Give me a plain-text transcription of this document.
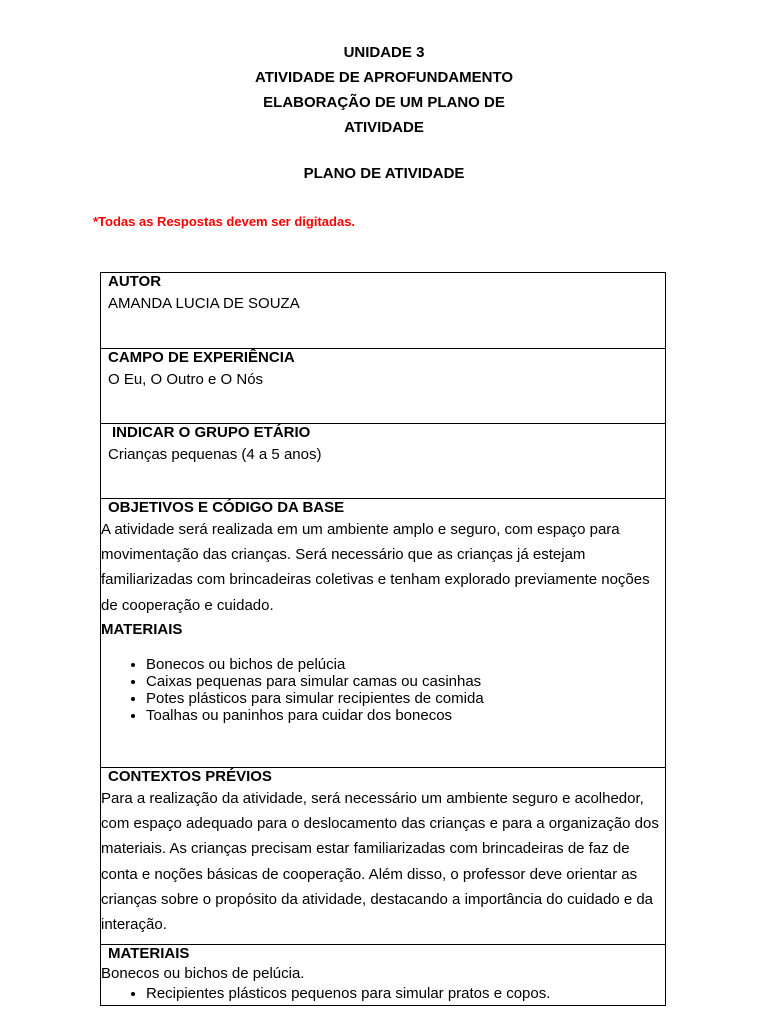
UNIDADE 3
ATIVIDADE DE APROFUNDAMENTO
ELABORAÇÃO DE UM PLANO DE
ATIVIDADE
PLANO DE ATIVIDADE
*Todas as Respostas devem ser digitadas.
AUTOR
AMANDA LUCIA DE SOUZA
CAMPO DE EXPERIÊNCIA
O Eu, O Outro e O Nós
INDICAR O GRUPO ETÁRIO
Crianças pequenas (4 a 5 anos)
OBJETIVOS E CÓDIGO DA BASE
A atividade será realizada em um ambiente amplo e seguro, com espaço para movimentação das crianças. Será necessário que as crianças já estejam familiarizadas com brincadeiras coletivas e tenham explorado previamente noções de cooperação e cuidado.
MATERIAIS
• Bonecos ou bichos de pelúcia
• Caixas pequenas para simular camas ou casinhas
• Potes plásticos para simular recipientes de comida
• Toalhas ou paninhos para cuidar dos bonecos
CONTEXTOS PRÉVIOS
Para a realização da atividade, será necessário um ambiente seguro e acolhedor, com espaço adequado para o deslocamento das crianças e para a organização dos materiais. As crianças precisam estar familiarizadas com brincadeiras de faz de conta e noções básicas de cooperação. Além disso, o professor deve orientar as crianças sobre o propósito da atividade, destacando a importância do cuidado e da interação.
MATERIAIS
Bonecos ou bichos de pelúcia.
• Recipientes plásticos pequenos para simular pratos e copos.
